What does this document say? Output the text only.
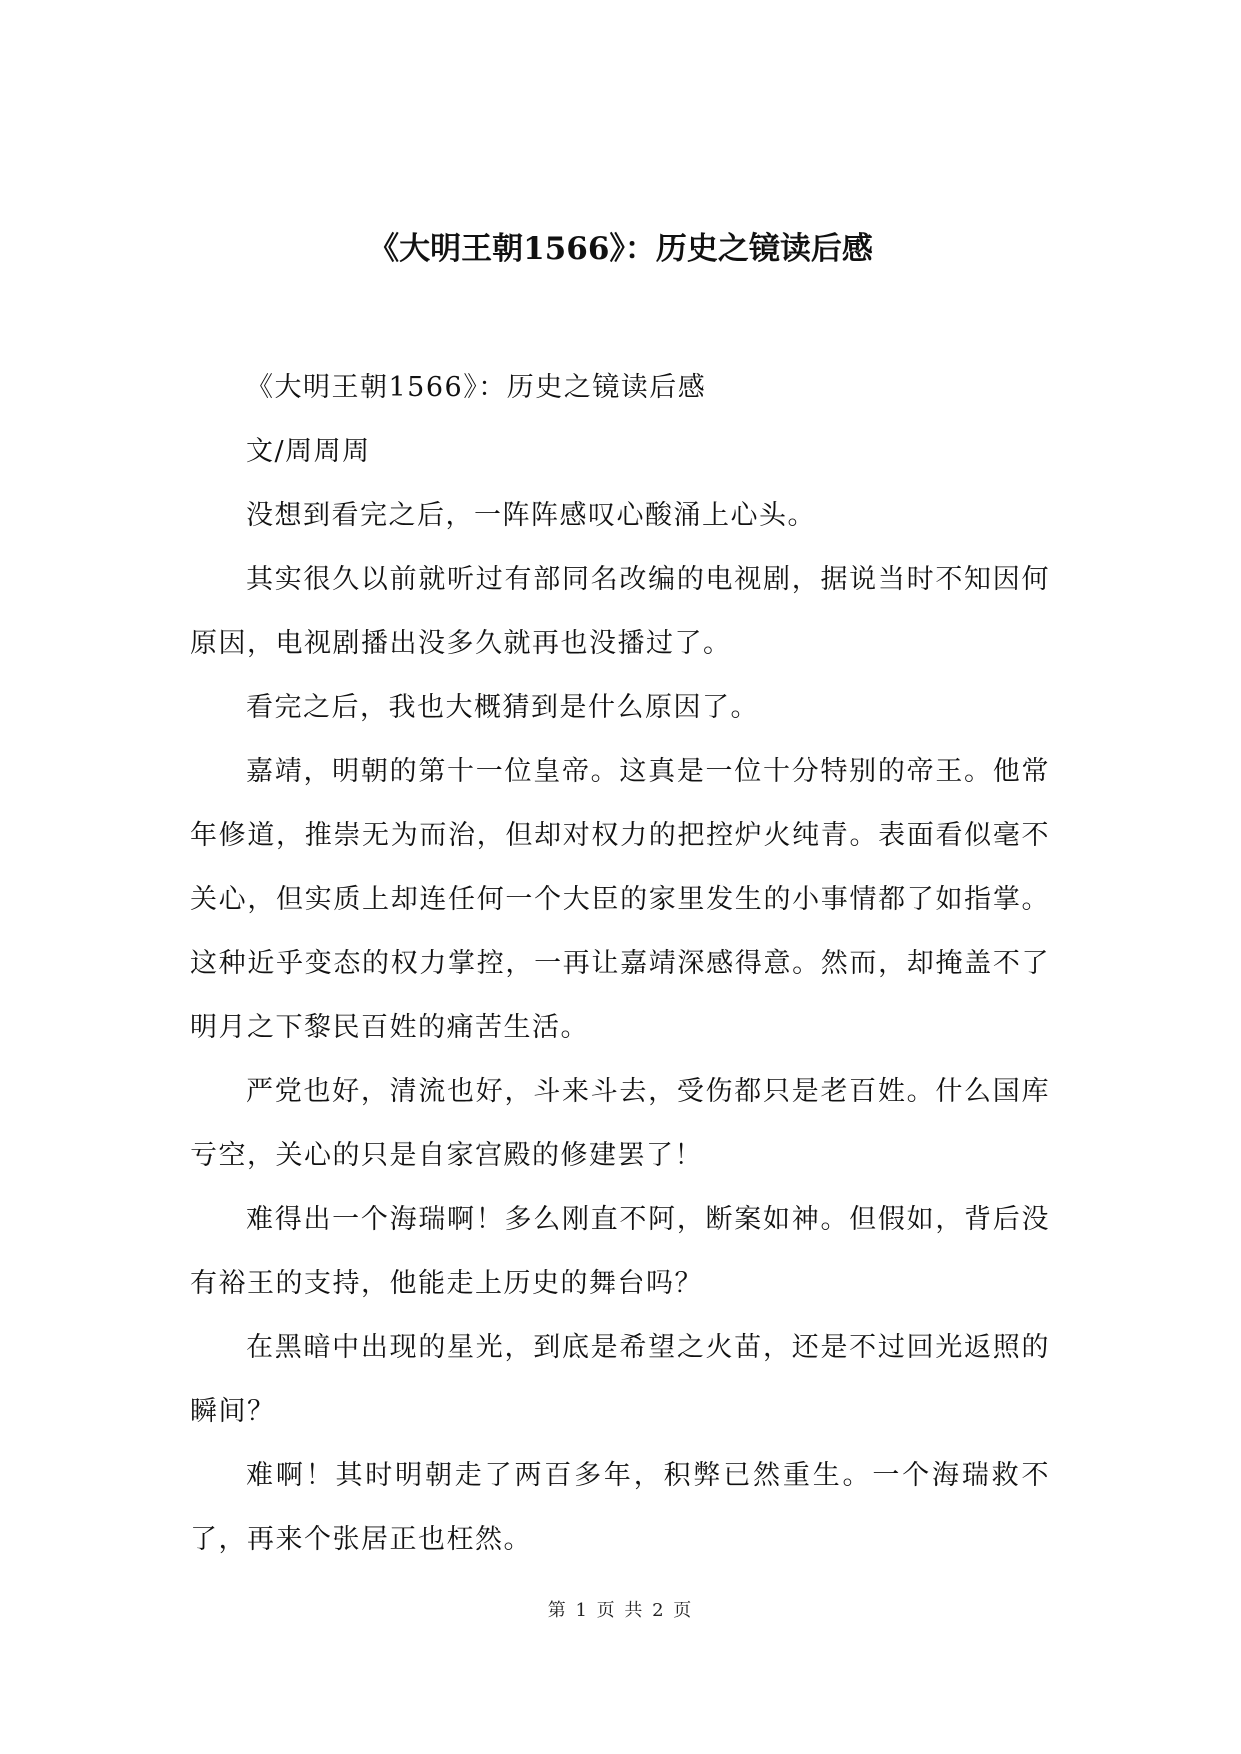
《大明王朝1566》：历史之镜读后感

《大明王朝1566》：历史之镜读后感

文/周周周

没想到看完之后，一阵阵感叹心酸涌上心头。

其实很久以前就听过有部同名改编的电视剧，据说当时不知因何原因，电视剧播出没多久就再也没播过了。

看完之后，我也大概猜到是什么原因了。

嘉靖，明朝的第十一位皇帝。这真是一位十分特别的帝王。他常年修道，推崇无为而治，但却对权力的把控炉火纯青。表面看似毫不关心，但实质上却连任何一个大臣的家里发生的小事情都了如指掌。这种近乎变态的权力掌控，一再让嘉靖深感得意。然而，却掩盖不了明月之下黎民百姓的痛苦生活。

严党也好，清流也好，斗来斗去，受伤都只是老百姓。什么国库亏空，关心的只是自家宫殿的修建罢了！

难得出一个海瑞啊！多么刚直不阿，断案如神。但假如，背后没有裕王的支持，他能走上历史的舞台吗？

在黑暗中出现的星光，到底是希望之火苗，还是不过回光返照的瞬间？

难啊！其时明朝走了两百多年，积弊已然重生。一个海瑞救不了，再来个张居正也枉然。

第 1 页 共 2 页
